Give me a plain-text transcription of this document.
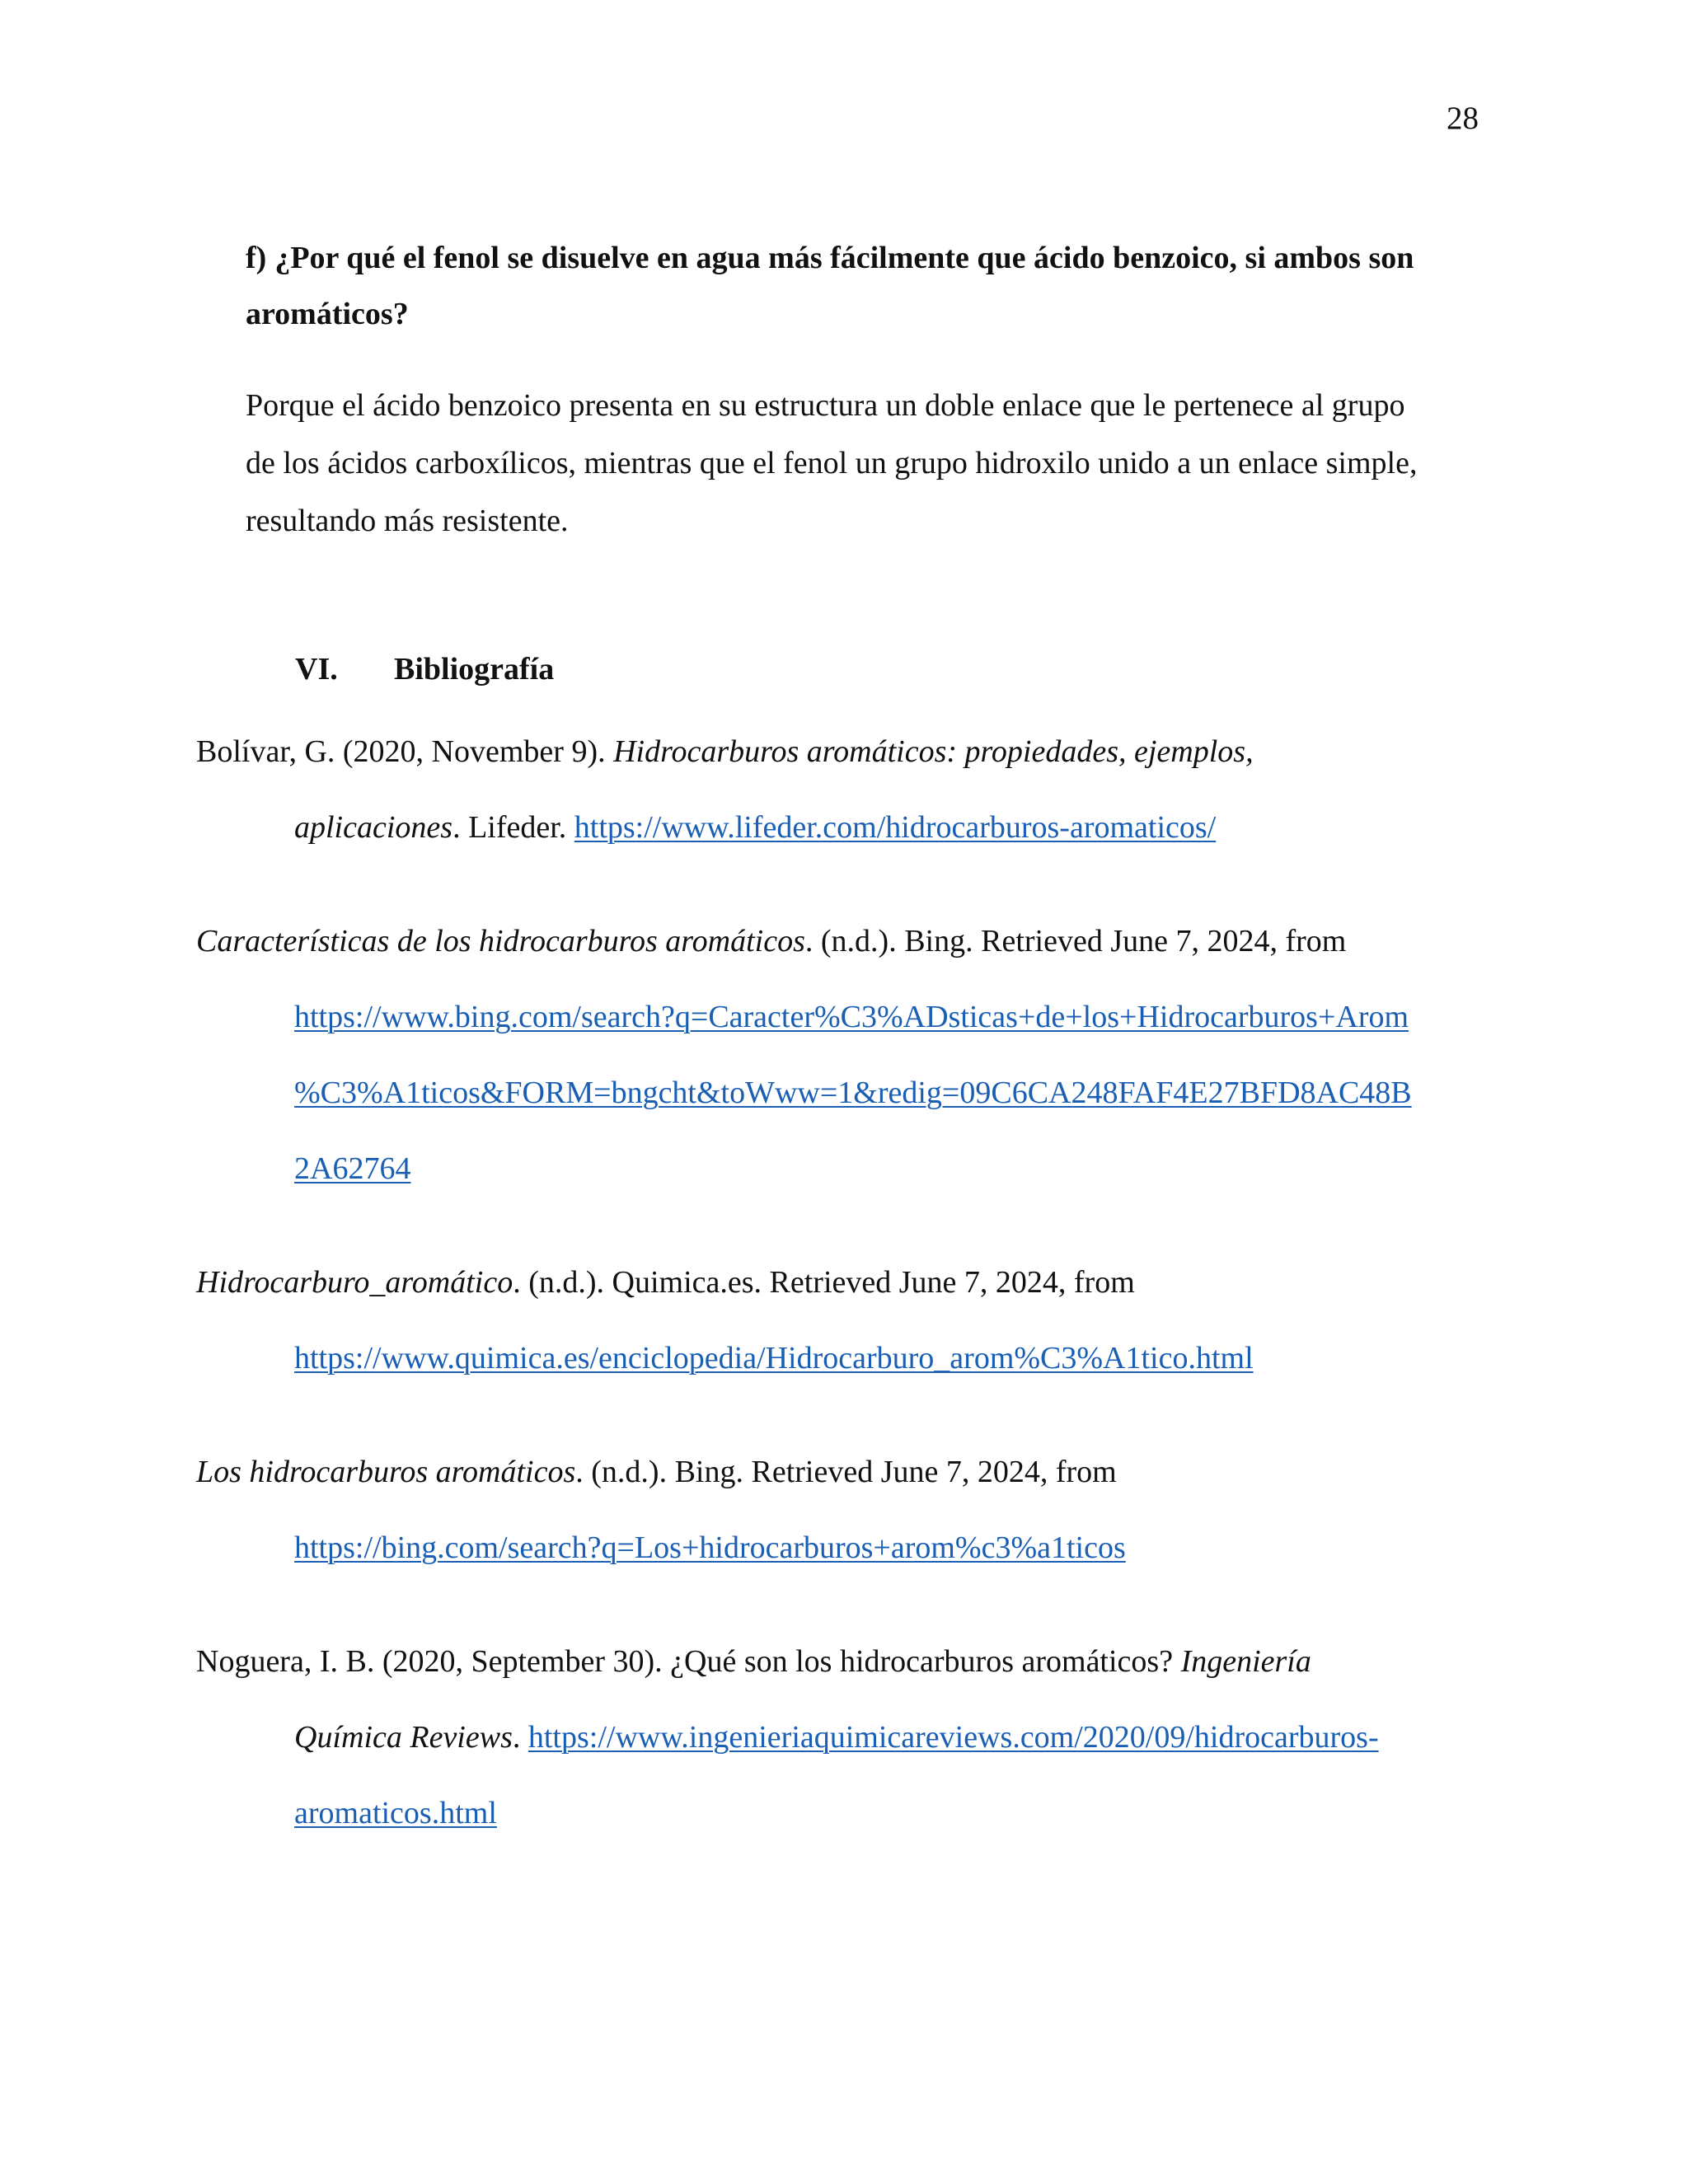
28
f) ¿Por qué el fenol se disuelve en agua más fácilmente que ácido benzoico, si ambos son
aromáticos?
Porque el ácido benzoico presenta en su estructura un doble enlace que le pertenece al grupo
de los ácidos carboxílicos, mientras que el fenol un grupo hidroxilo unido a un enlace simple,
resultando más resistente.
VI. Bibliografía
Bolívar, G. (2020, November 9). Hidrocarburos aromáticos: propiedades, ejemplos,
aplicaciones. Lifeder. https://www.lifeder.com/hidrocarburos-aromaticos/
Características de los hidrocarburos aromáticos. (n.d.). Bing. Retrieved June 7, 2024, from
https://www.bing.com/search?q=Caracter%C3%ADsticas+de+los+Hidrocarburos+Arom
%C3%A1ticos&FORM=bngcht&toWww=1&redig=09C6CA248FAF4E27BFD8AC48B
2A62764
Hidrocarburo_aromático. (n.d.). Quimica.es. Retrieved June 7, 2024, from
https://www.quimica.es/enciclopedia/Hidrocarburo_arom%C3%A1tico.html
Los hidrocarburos aromáticos. (n.d.). Bing. Retrieved June 7, 2024, from
https://bing.com/search?q=Los+hidrocarburos+arom%c3%a1ticos
Noguera, I. B. (2020, September 30). ¿Qué son los hidrocarburos aromáticos? Ingeniería
Química Reviews. https://www.ingenieriaquimicareviews.com/2020/09/hidrocarburos-
aromaticos.html
